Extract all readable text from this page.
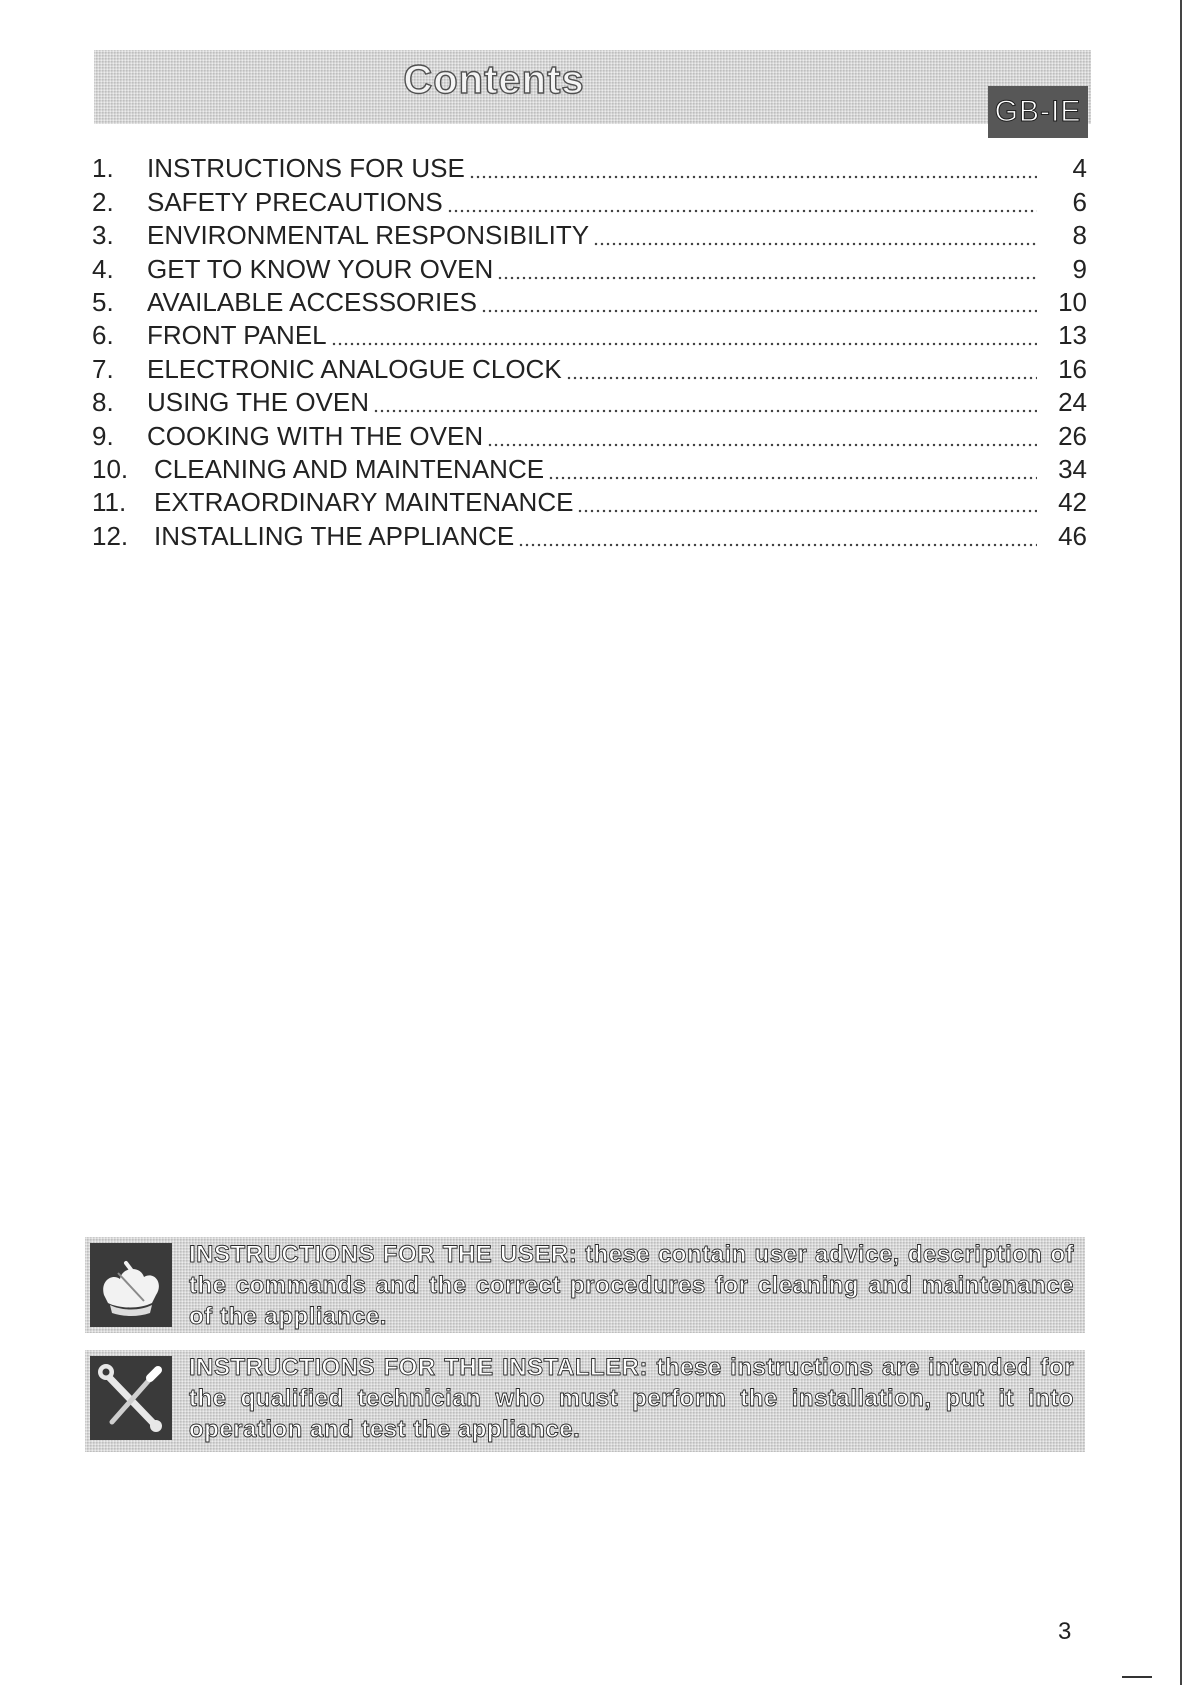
Contents
GB-IE
1.	INSTRUCTIONS FOR USE	4
2.	SAFETY PRECAUTIONS	6
3.	ENVIRONMENTAL RESPONSIBILITY	8
4.	GET TO KNOW YOUR OVEN	9
5.	AVAILABLE ACCESSORIES	10
6.	FRONT PANEL	13
7.	ELECTRONIC ANALOGUE CLOCK	16
8.	USING THE OVEN	24
9.	COOKING WITH THE OVEN	26
10. CLEANING AND MAINTENANCE	34
11.	EXTRAORDINARY MAINTENANCE	42
12. INSTALLING THE APPLIANCE	46
INSTRUCTIONS FOR THE USER: these contain user advice, description of the commands and the correct procedures for cleaning and maintenance of the appliance.
INSTRUCTIONS FOR THE INSTALLER: these instructions are intended for the qualified technician who must perform the installation, put it into operation and test the appliance.
3
